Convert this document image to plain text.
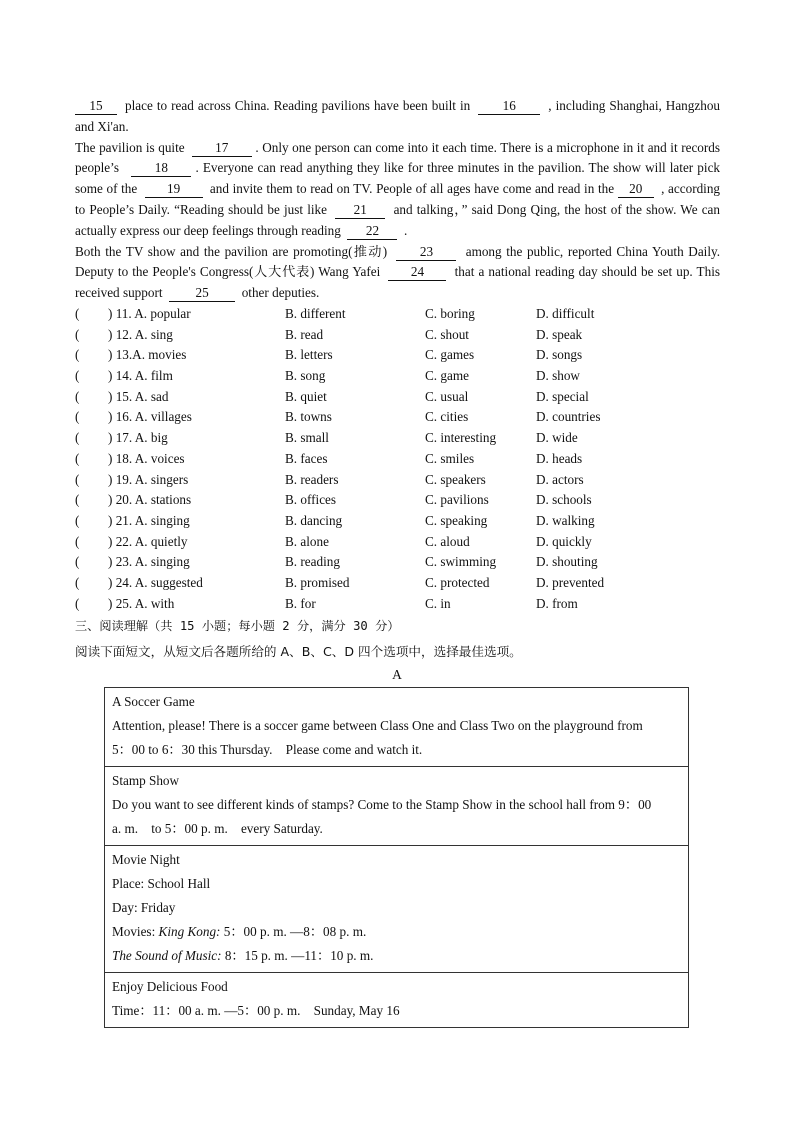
15 place to read across China. Reading pavilions have been built in 16 , including Shanghai, Hangzhou and Xi'an.

The pavilion is quite 17 . Only one person can come into it each time. There is a microphone in it and it records people’s	18 . Everyone can read anything they like for three minutes in the pavilion. The show will later pick some of the 19 and invite them to read on TV. People of all ages have come and read in the 20 , according to People’s Daily. “Reading should be just like 21 and talking，” said Dong Qing, the host of the show. We can actually express our deep feelings through reading 22 .

Both the TV show and the pavilion are promoting(推动) 23 among the public, reported China Youth Daily. Deputy to the People's Congress(人大代表) Wang Yafei 24 that a national reading day should be set up. This received support	25	other deputies.

( ) 11. A. popular	B. different	C. boring	D. difficult
( ) 12. A. sing	B. read	C. shout	D. speak
( ) 13.A. movies	B. letters	C. games	D. songs
( ) 14. A. film	B. song	C. game	D. show
( ) 15. A. sad	B. quiet	C. usual	D. special
( ) 16. A. villages	B. towns	C. cities	D. countries
( ) 17. A. big	B. small	C. interesting	D. wide
( ) 18. A. voices	B. faces	C. smiles	D. heads
( ) 19. A. singers	B. readers	C. speakers	D. actors
( ) 20. A. stations	B. offices	C. pavilions	D. schools
( ) 21. A. singing	B. dancing	C. speaking	D. walking
( ) 22. A. quietly	B. alone	C. aloud	D. quickly
( ) 23. A. singing	B. reading	C. swimming	D. shouting
( ) 24. A. suggested	B. promised	C. protected	D. prevented
( ) 25. A. with	B. for	C. in	D. from
三、阅读理解（共 15 小题；每小题 2 分，满分 30 分）
阅读下面短文，从短文后各题所给的 A、B、C、D 四个选项中，选择最佳选项。
A

A Soccer Game

Attention, please! There is a soccer game between Class One and Class Two on the playground from

5：00 to 6：30 this Thursday.　Please come and watch it.

Stamp Show

Do you want to see different kinds of stamps? Come to the Stamp Show in the school hall from 9：00

a. m.　to 5：00 p. m.　every Saturday.

Movie Night

Place: School Hall

Day: Friday

Movies: King Kong: 5：00 p. m. —8：08 p. m.

The Sound of Music: 8：15 p. m. —11：10 p. m.

Enjoy Delicious Food

Time：11：00 a. m. —5：00 p. m.　Sunday, May 16
